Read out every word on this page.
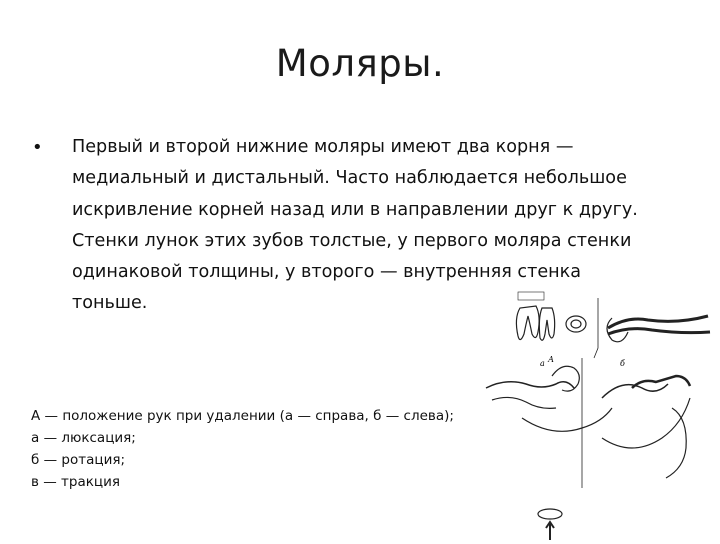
Моляры.
• Первый и второй нижние моляры имеют два корня —
медиальный и дистальный. Часто наблюдается небольшое
искривление корней назад или в направлении друг к другу.
Стенки лунок этих зубов толстые, у первого моляра стенки
одинаковой толщины, у второго — внутренняя стенка
тоньше.
А — положение рук при удалении (а — справа, б — слева);
а — люксация;
б — ротация;
в — тракция
А
а	б
